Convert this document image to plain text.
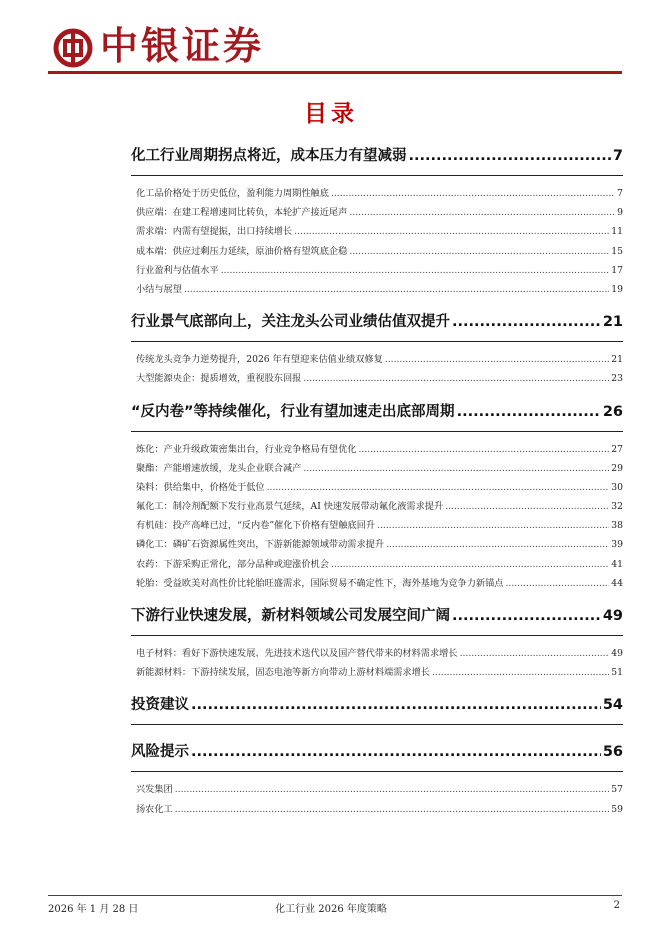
中银证券
目录
化工行业周期拐点将近，成本压力有望减弱 .....	7
化工品价格处于历史低位，盈利能力周期性触底 .....	7
供应端：在建工程增速同比转负，本轮扩产接近尾声 .....	9
需求端：内需有望提振，出口持续增长 .....	11
成本端：供应过剩压力延续，原油价格有望筑底企稳 .....	15
行业盈利与估值水平 .....	17
小结与展望 .....	19
行业景气底部向上，关注龙头公司业绩估值双提升 .....	21
传统龙头竞争力逆势提升，2026 年有望迎来估值业绩双修复 .....	21
大型能源央企：提质增效，重视股东回报 .....	23
“反内卷”等持续催化，行业有望加速走出底部周期 .....	26
炼化：产业升级政策密集出台，行业竞争格局有望优化 .....	27
聚酯：产能增速放缓，龙头企业联合减产 .....	29
染料：供给集中，价格处于低位 .....	30
氟化工：制冷剂配额下发行业高景气延续，AI 快速发展带动氟化液需求提升 .....	32
有机硅：投产高峰已过，“反内卷”催化下价格有望触底回升 .....	38
磷化工：磷矿石资源属性突出，下游新能源领域带动需求提升 .....	39
农药：下游采购正常化，部分品种或迎涨价机会 .....	41
轮胎：受益欧美对高性价比轮胎旺盛需求，国际贸易不确定性下，海外基地为竞争力新锚点 .....	44
下游行业快速发展，新材料领域公司发展空间广阔 .....	49
电子材料：看好下游快速发展、先进技术迭代以及国产替代带来的材料需求增长 .....	49
新能源材料：下游持续发展，固态电池等新方向带动上游材料端需求增长 .....	51
投资建议 .....	54
风险提示 .....	56
兴发集团 .....	57
扬农化工 .....	59
2026 年 1 月 28 日	化工行业 2026 年度策略	2
